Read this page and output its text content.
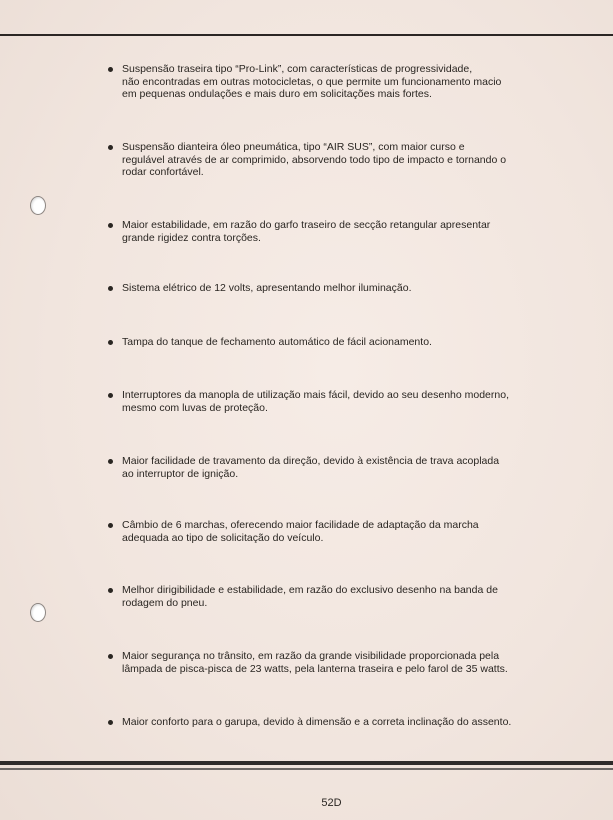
Suspensão traseira tipo “Pro-Link”, com características de progressividade,
não encontradas em outras motocicletas, o que permite um funcionamento macio
em pequenas ondulações e mais duro em solicitações mais fortes.
Suspensão dianteira óleo pneumática, tipo “AIR SUS”, com maior curso e
regulável através de ar comprimido, absorvendo todo tipo de impacto e tornando o
rodar confortável.
Maior estabilidade, em razão do garfo traseiro de secção retangular apresentar
grande rigidez contra torções.
Sistema elétrico de 12 volts, apresentando melhor iluminação.
Tampa do tanque de fechamento automático de fácil acionamento.
Interruptores da manopla de utilização mais fácil, devido ao seu desenho moderno,
mesmo com luvas de proteção.
Maior facilidade de travamento da direção, devido à existência de trava acoplada
ao interruptor de ignição.
Câmbio de 6 marchas, oferecendo maior facilidade de adaptação da marcha
adequada ao tipo de solicitação do veículo.
Melhor dirigibilidade e estabilidade, em razão do exclusivo desenho na banda de
rodagem do pneu.
Maior segurança no trânsito, em razão da grande visibilidade proporcionada pela
lâmpada de pisca-pisca de 23 watts, pela lanterna traseira e pelo farol de 35 watts.
Maior conforto para o garupa, devido à dimensão e a correta inclinação do assento.
52D
